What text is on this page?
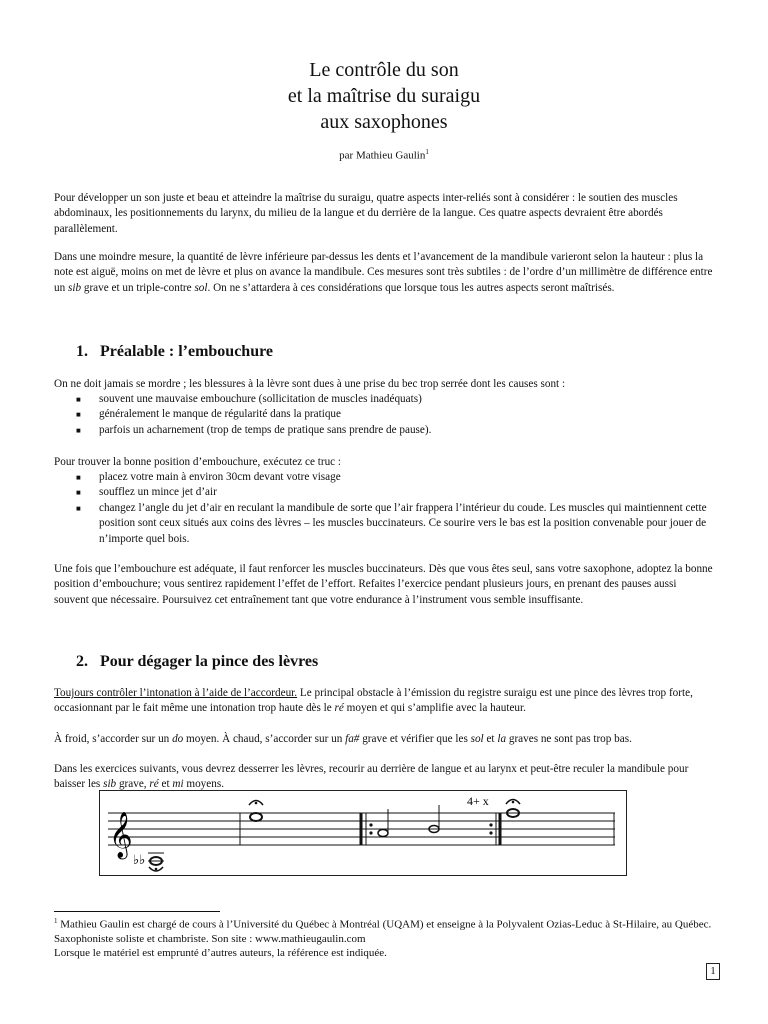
Le contrôle du son
et la maîtrise du suraigu
aux saxophones
par Mathieu Gaulin$^1$
Pour développer un son juste et beau et atteindre la maîtrise du suraigu, quatre aspects inter-reliés sont à considérer : le soutien des muscles abdominaux, les positionnements du larynx, du milieu de la langue et du derrière de la langue. Ces quatre aspects devraient être abordés parallèlement.
Dans une moindre mesure, la quantité de lèvre inférieure par-dessus les dents et l’avancement de la mandibule varieront selon la hauteur : plus la note est aiguë, moins on met de lèvre et plus on avance la mandibule. Ces mesures sont très subtiles : de l’ordre d’un millimètre de différence entre un sib grave et un triple-contre sol. On ne s’attardera à ces considérations que lorsque tous les autres aspects seront maîtrisés.
1. Préalable : l’embouchure
On ne doit jamais se mordre ; les blessures à la lèvre sont dues à une prise du bec trop serrée dont les causes sont :
■ souvent une mauvaise embouchure (sollicitation de muscles inadéquats)
■ généralement le manque de régularité dans la pratique
■ parfois un acharnement (trop de temps de pratique sans prendre de pause).
Pour trouver la bonne position d’embouchure, exécutez ce truc :
■ placez votre main à environ 30cm devant votre visage
■ soufflez un mince jet d’air
■ changez l’angle du jet d’air en reculant la mandibule de sorte que l’air frappera l’intérieur du coude. Les muscles qui maintiennent cette position sont ceux situés aux coins des lèvres – les muscles buccinateurs. Ce sourire vers le bas est la position convenable pour jouer de n’importe quel bois.
Une fois que l’embouchure est adéquate, il faut renforcer les muscles buccinateurs. Dès que vous êtes seul, sans votre saxophone, adoptez la bonne position d’embouchure; vous sentirez rapidement l’effet de l’effort. Refaites l’exercice pendant plusieurs jours, en prenant des pauses aussi souvent que nécessaire. Poursuivez cet entraînement tant que votre endurance à l’instrument vous semble insuffisante.
2. Pour dégager la pince des lèvres
Toujours contrôler l’intonation à l’aide de l’accordeur. Le principal obstacle à l’émission du registre suraigu est une pince des lèvres trop forte, occasionnant par le fait même une intonation trop haute dès le ré moyen et qui s’amplifie avec la hauteur.
À froid, s’accorder sur un do moyen. À chaud, s’accorder sur un fa# grave et vérifier que les sol et la graves ne sont pas trop bas.
Dans les exercices suivants, vous devrez desserrer les lèvres, recourir au derrière de langue et au larynx et peut-être reculer la mandibule pour baisser les sib grave, ré et mi moyens.
𝄞
♭♭
4+ x
$^1$ Mathieu Gaulin est chargé de cours à l’Université du Québec à Montréal (UQAM) et enseigne à la Polyvalent Ozias-Leduc à St-Hilaire, au Québec. Saxophoniste soliste et chambriste. Son site : www.mathieugaulin.com
Lorsque le matériel est emprunté d’autres auteurs, la référence est indiquée.
1
